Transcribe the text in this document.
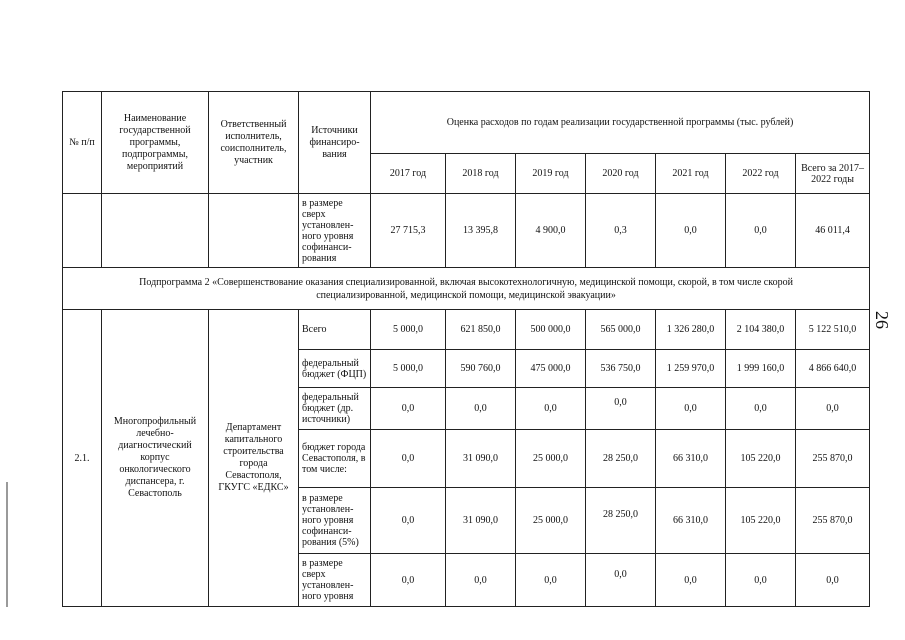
№ п/п	Наименование государственной программы, подпрограммы, мероприятий	Ответственный исполнитель, соисполнитель, участник	Источники финансиро-вания	Оценка расходов по годам реализации государственной программы (тыс. рублей)						
				2017 год	2018 год	2019 год	2020 год	2021 год	2022 год	Всего за 2017–2022 годы
			в размере сверх установлен-ного уровня софинанси-рования	27 715,3	13 395,8	4 900,0	0,3	0,0	0,0	46 011,4
Подпрограмма 2 «Совершенствование оказания специализированной, включая высокотехнологичную, медицинской помощи, скорой, в том числе скорой специализированной, медицинской помощи, медицинской эвакуации»										
2.1.	Многопрофильный лечебно-диагностический корпус онкологического диспансера, г. Севастополь	Департамент капитального строительства города Севастополя, ГКУГС «ЕДКС»	Всего	5 000,0	621 850,0	500 000,0	565 000,0	1 326 280,0	2 104 380,0	5 122 510,0
			федеральный бюджет (ФЦП)	5 000,0	590 760,0	475 000,0	536 750,0	1 259 970,0	1 999 160,0	4 866 640,0
			федеральный бюджет (др. источники)	0,0	0,0	0,0	0,0	0,0	0,0	0,0
			бюджет города Севастополя, в том числе:	0,0	31 090,0	25 000,0	28 250,0	66 310,0	105 220,0	255 870,0
			в размере установлен-ного уровня софинанси-рования (5%)	0,0	31 090,0	25 000,0	28 250,0	66 310,0	105 220,0	255 870,0
			в размере сверх установлен-ного уровня	0,0	0,0	0,0	0,0	0,0	0,0	0,0
26
